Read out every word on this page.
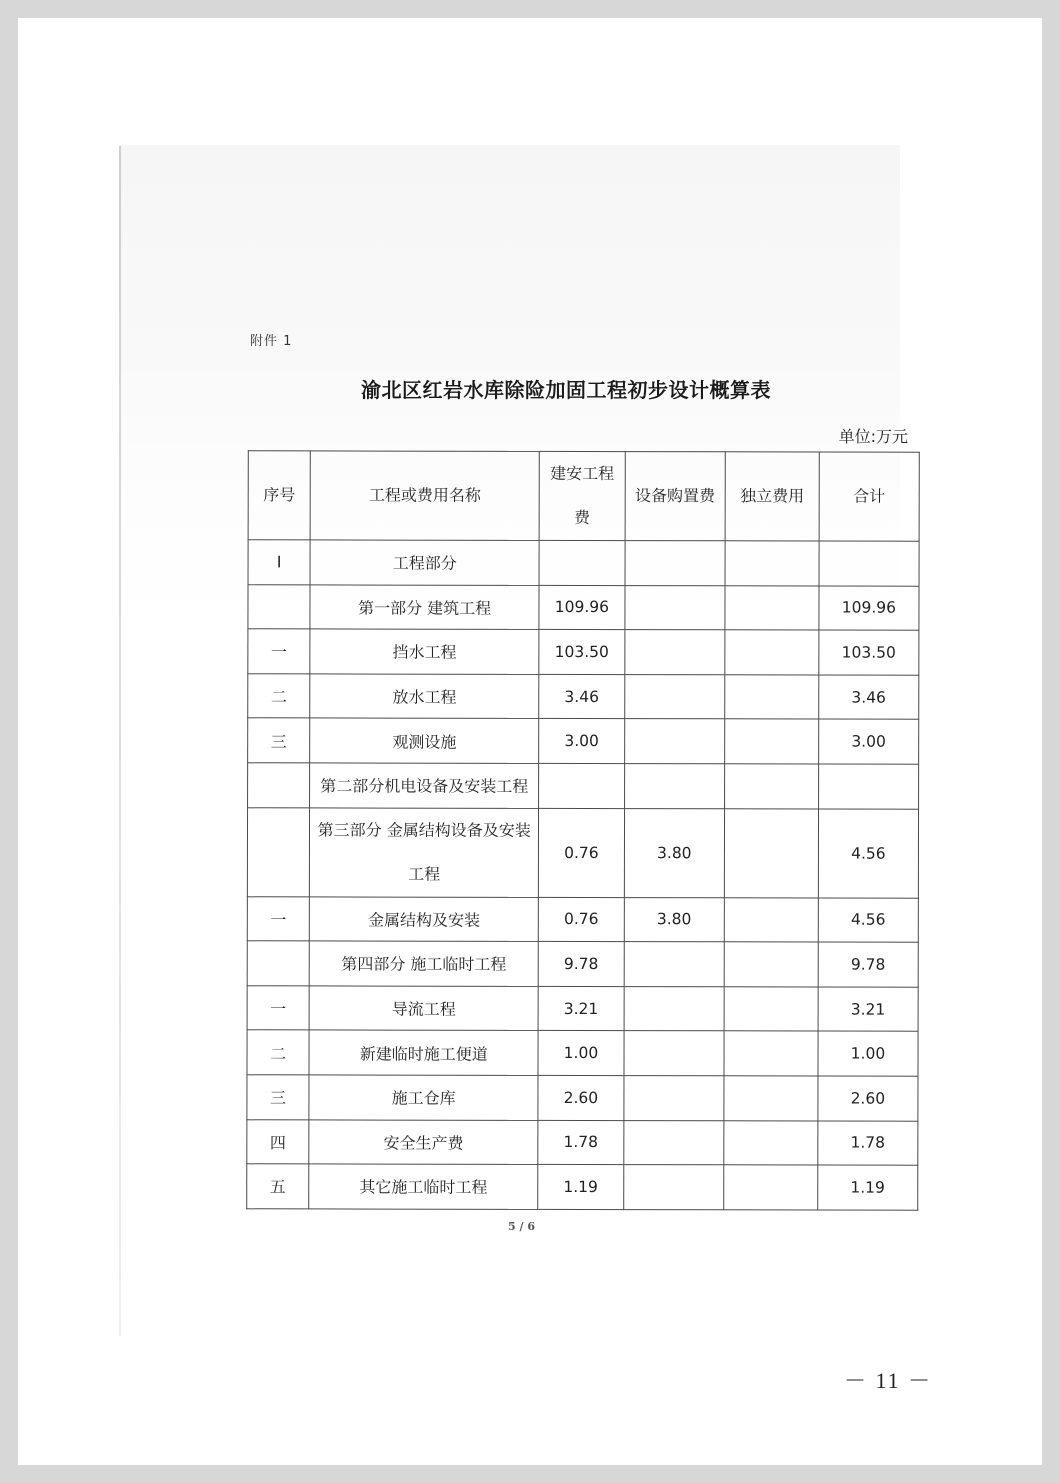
附件 1
渝北区红岩水库除险加固工程初步设计概算表
单位:万元
序号	工程或费用名称	建安工程费	设备购置费	独立费用	合计
I	工程部分				
	第一部分 建筑工程	109.96			109.96
一	挡水工程	103.50			103.50
二	放水工程	3.46			3.46
三	观测设施	3.00			3.00
	第二部分机电设备及安装工程				
	第三部分 金属结构设备及安装工程	0.76	3.80		4.56
一	金属结构及安装	0.76	3.80		4.56
	第四部分 施工临时工程	9.78			9.78
一	导流工程	3.21			3.21
二	新建临时施工便道	1.00			1.00
三	施工仓库	2.60			2.60
四	安全生产费	1.78			1.78
五	其它施工临时工程	1.19			1.19
5 / 6
－ 11 －
